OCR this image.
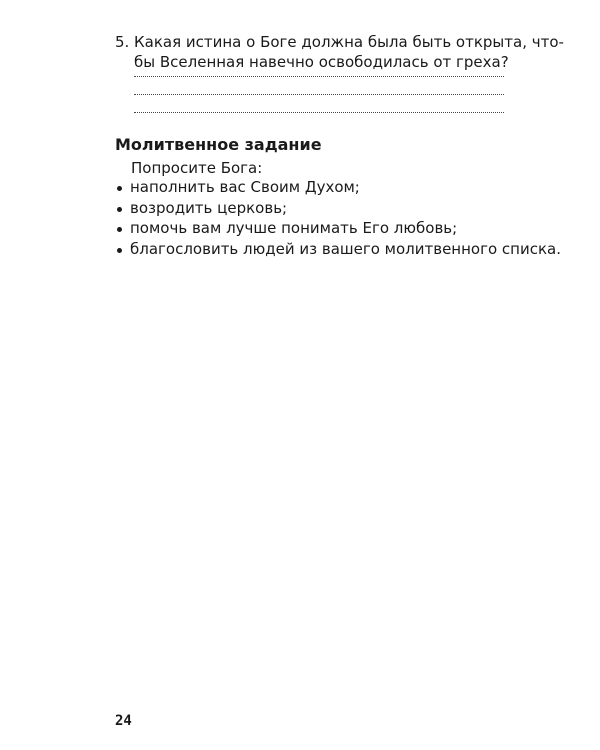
5. Какая истина о Боге должна была быть открыта, что-
бы Вселенная навечно освободилась от греха?
Молитвенное задание
Попросите Бога:
наполнить вас Своим Духом;
возродить церковь;
помочь вам лучше понимать Его любовь;
благословить людей из вашего молитвенного списка.
24
